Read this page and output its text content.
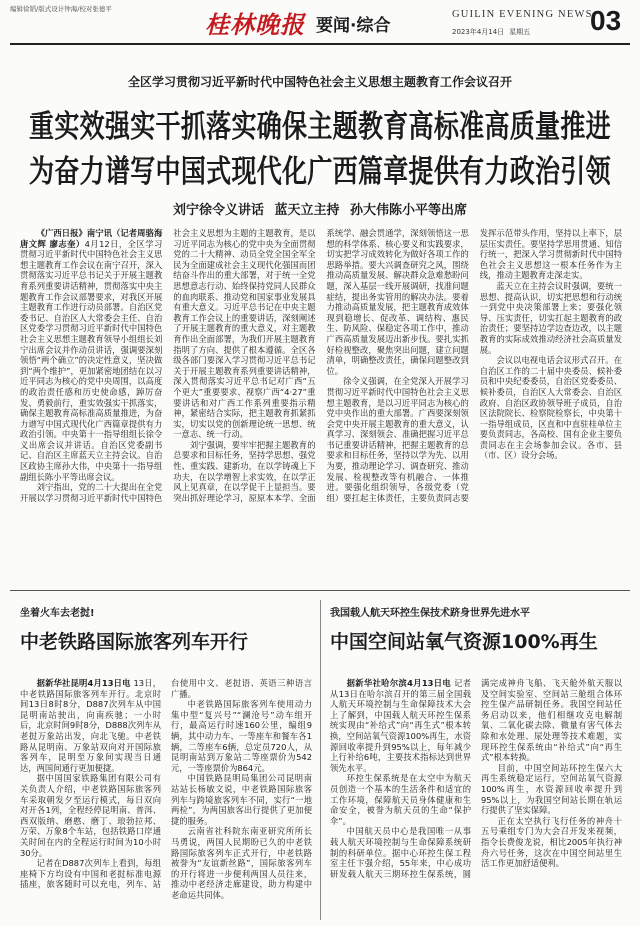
编辑徐韬/版式设计钟海/校对张德平
桂林晚报 要闻·综合
GUILIN EVENING NEWS
2023年4月14日 星期五 03
全区学习贯彻习近平新时代中国特色社会主义思想主题教育工作会议召开
重实效强实干抓落实确保主题教育高标准高质量推进
为奋力谱写中国式现代化广西篇章提供有力政治引领
刘宁徐令义讲话 蓝天立主持 孙大伟陈小平等出席

《广西日报》南宁讯（记者周骆海 唐文辉 廖志奎）4月12日，全区学习贯彻习近平新时代中国特色社会主义思想主题教育工作会议在南宁召开，深入贯彻落实习近平总书记关于开展主题教育系列重要讲话精神，贯彻落实中央主题教育工作会议部署要求，对我区开展主题教育工作进行动员部署。自治区党委书记、自治区人大常委会主任、自治区党委学习贯彻习近平新时代中国特色社会主义思想主题教育领导小组组长刘宁出席会议并作动员讲话，强调要深刻领悟“两个确立”的决定性意义，坚决做到“两个维护”，更加紧密地团结在以习近平同志为核心的党中央周围，以高度的政治责任感和历史使命感，踔厉奋发、勇毅前行，重实效强实干抓落实，确保主题教育高标准高质量推进，为奋力谱写中国式现代化广西篇章提供有力政治引领。中央第十一指导组组长徐令义出席会议并讲话。自治区党委副书记、自治区主席蓝天立主持会议。自治区政协主席孙大伟，中央第十一指导组副组长陈小平等出席会议。

刘宁指出，党的二十大提出在全党开展以学习贯彻习近平新时代中国特色社会主义思想为主题的主题教育，是以习近平同志为核心的党中央为全面贯彻党的二十大精神、动员全党全国全军全民为全面建成社会主义现代化强国而团结奋斗作出的重大部署，对于统一全党思想意志行动、始终保持党同人民群众的血肉联系、推动党和国家事业发展具有重大意义。习近平总书记在中央主题教育工作会议上的重要讲话，深刻阐述了开展主题教育的重大意义，对主题教育作出全面部署，为我们开展主题教育指明了方向、提供了根本遵循。全区各级各部门要深入学习贯彻习近平总书记关于开展主题教育系列重要讲话精神，深入贯彻落实习近平总书记对广西“五个更大”重要要求、视察广西“4·27”重要讲话和对广西工作系列重要指示精神，紧密结合实际，把主题教育抓紧抓实，切实以党的创新理论统一思想、统一意志、统一行动。

刘宁强调，要牢牢把握主题教育的总要求和目标任务，坚持学思想、强党性、重实践、建新功，在以学铸魂上下功夫，在以学增智上求实效，在以学正风上见真章，在以学促干上显担当。要突出抓好理论学习，原原本本学、全面系统学、融会贯通学，深刻领悟这一思想的科学体系、核心要义和实践要求，切实把学习成效转化为做好各项工作的思路举措。要大兴调查研究之风，围绕推动高质量发展、解决群众急难愁盼问题，深入基层一线开展调研，找准问题症结，提出务实管用的解决办法。要着力推动高质量发展，把主题教育成效体现到稳增长、促改革、调结构、惠民生、防风险、保稳定各项工作中，推动广西高质量发展迈出新步伐。要扎实抓好检视整改，聚焦突出问题，建立问题清单，明确整改责任，确保问题整改到位。

徐令义强调，在全党深入开展学习贯彻习近平新时代中国特色社会主义思想主题教育，是以习近平同志为核心的党中央作出的重大部署。广西要深刻领会党中央开展主题教育的重大意义，认真学习、深刻领会、准确把握习近平总书记重要讲话精神，把握主题教育的总要求和目标任务，坚持以学为先、以用为要，推动理论学习、调查研究、推动发展、检视整改等有机融合、一体推进。要强化组织领导，各级党委（党组）要扛起主体责任，主要负责同志要发挥示范带头作用，坚持以上率下，层层压实责任。要坚持学思用贯通、知信行统一，把深入学习贯彻新时代中国特色社会主义思想这一根本任务作为主线，推动主题教育走深走实。

蓝天立在主持会议时强调，要统一思想、提高认识，切实把思想和行动统一到党中央决策部署上来；要强化领导、压实责任，切实扛起主题教育的政治责任；要坚持边学边查边改，以主题教育的实际成效推动经济社会高质量发展。

会议以电视电话会议形式召开。在自治区工作的二十届中央委员、候补委员和中央纪委委员，自治区党委委员、候补委员，自治区人大常委会、自治区政府、自治区政协领导班子成员，自治区法院院长、检察院检察长，中央第十一指导组成员，区直和中直驻桂单位主要负责同志，各高校、国有企业主要负责同志在主会场参加会议。各市、县（市、区）设分会场。

坐着火车去老挝!
中老铁路国际旅客列车开行

据新华社昆明4月13日电 13日，中老铁路国际旅客列车开行。北京时间13日8时8分，D887次列车从中国昆明南站驶出，向南疾驰；一小时后，北京时间9时8分，D888次列车从老挝万象站出发，向北飞驰。中老铁路从昆明南、万象站双向对开国际旅客列车，昆明至万象间实现当日通达，两国间通行更加便捷。

据中国国家铁路集团有限公司有关负责人介绍，中老铁路国际旅客列车采取朝发夕至运行模式，每日双向对开各1列，全程经停昆明南、普洱、西双版纳、磨憨、磨丁、琅勃拉邦、万荣、万象8个车站，包括铁路口岸通关时间在内的全程运行时间为10小时30分。

记者在D887次列车上看到，每组座椅下方均设有中国和老挝标准电源插座，旅客随时可以充电，列车、站台使用中文、老挝语、英语三种语言广播。

中老铁路国际旅客列车使用动力集中型“复兴号”“澜沧号”动车组开行，最高运行时速160公里，编组9辆，其中动力车、一等座车和餐车各1辆，二等座车6辆，总定员720人，从昆明南站到万象站二等座票价为542元，一等座票价为864元。

中国铁路昆明局集团公司昆明南站站长杨敏文说，中老铁路国际旅客列车与跨境旅客列车不同，实行“一地两检”，为两国旅客出行提供了更加便捷的服务。

云南省社科院东南亚研究所所长马勇说，两国人民期盼已久的中老铁路国际旅客列车正式开行，中老铁路被誉为“友谊新丝路”，国际旅客列车的开行将进一步便利两国人员往来，推动中老经济走廊建设，助力构建中老命运共同体。

我国载人航天环控生保技术跻身世界先进水平
中国空间站氧气资源100%再生

据新华社哈尔滨4月13日电 记者从13日在哈尔滨召开的第三届全国载人航天环境控制与生命保障技术大会上了解到，中国载人航天环控生保系统实现由“补给式”向“再生式”根本转换，空间站氧气资源100%再生，水资源回收率提升到95%以上，每年减少上行补给6吨，主要技术指标达到世界领先水平。

环控生保系统是在太空中为航天员创造一个基本的生活条件和适宜的工作环境，保障航天员身体健康和生命安全，被誉为航天员的生命“保护伞”。

中国航天员中心是我国唯一从事载人航天环境控制与生命保障系统研制的科研单位。据中心环控生保工程室主任卞强介绍，55年来，中心成功研发载人航天三期环控生保系统，圆满完成神舟飞船、飞天舱外航天服以及空间实验室、空间站三舱组合体环控生保产品研制任务。我国空间站任务启动以来，他们相继攻克电解制氧、二氧化碳去除、微量有害气体去除和水处理、尿处理等技术难题，实现环控生保系统由“补给式”向“再生式”根本转换。

目前，中国空间站环控生保六大再生系统稳定运行，空间站氧气资源100%再生，水资源回收率提升到95%以上，为我国空间站长期在轨运行提供了坚实保障。

正在太空执行飞行任务的神舟十五号乘组专门为大会召开发来视频，指令长费俊龙说，相比2005年执行神舟六号任务，这次在中国空间站里生活工作更加舒适便利。
